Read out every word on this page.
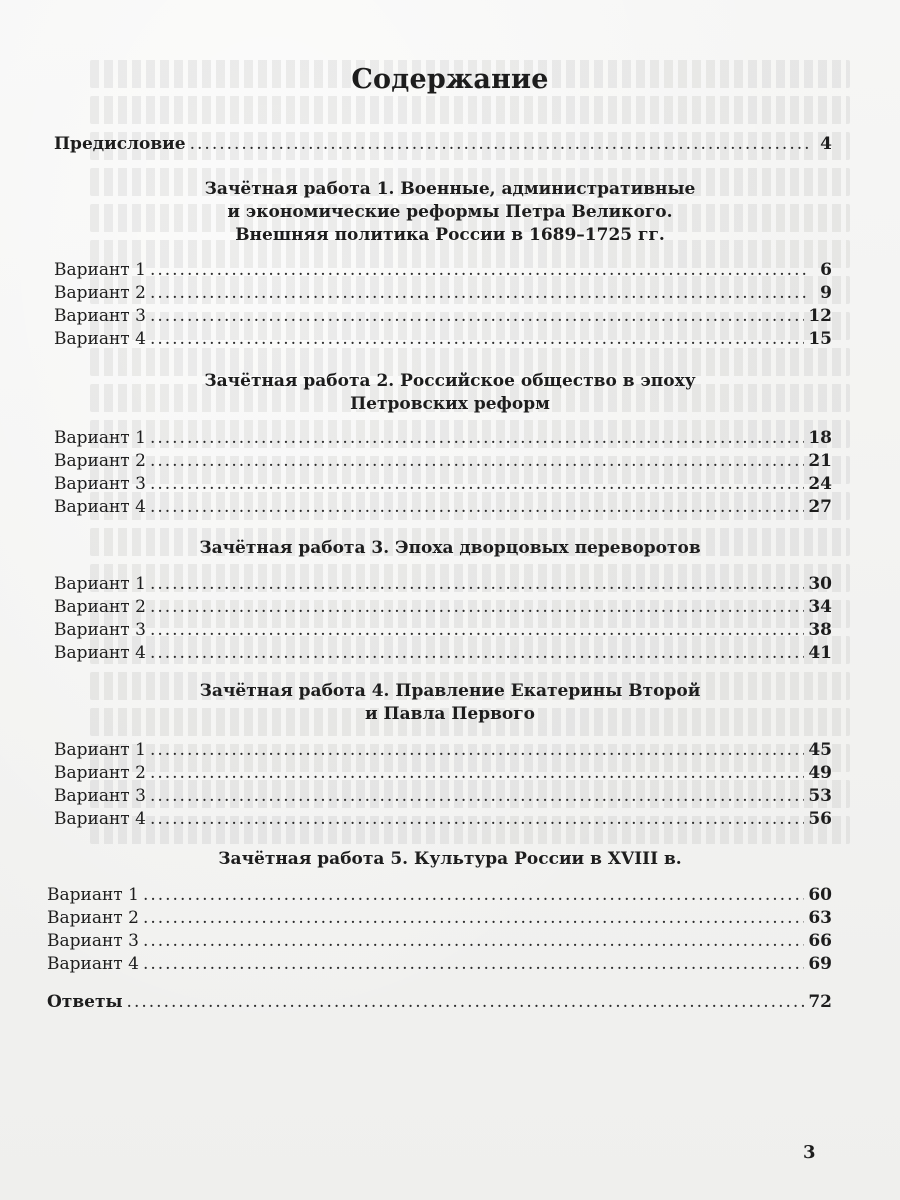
Содержание
Предисловие .....	4
Зачётная работа 1. Военные, административные
и экономические реформы Петра Великого.
Внешняя политика России в 1689–1725 гг.
Вариант 1 .....	6
Вариант 2 .....	9
Вариант 3 .....	12
Вариант 4 .....	15
Зачётная работа 2. Российское общество в эпоху
Петровских реформ
Вариант 1 .....	18
Вариант 2 .....	21
Вариант 3 .....	24
Вариант 4 .....	27
Зачётная работа 3. Эпоха дворцовых переворотов
Вариант 1 .....	30
Вариант 2 .....	34
Вариант 3 .....	38
Вариант 4 .....	41
Зачётная работа 4. Правление Екатерины Второй
и Павла Первого
Вариант 1 .....	45
Вариант 2 .....	49
Вариант 3 .....	53
Вариант 4 .....	56
Зачётная работа 5. Культура России в XVIII в.
Вариант 1 .....	60
Вариант 2 .....	63
Вариант 3 .....	66
Вариант 4 .....	69
Ответы .....	72
3
